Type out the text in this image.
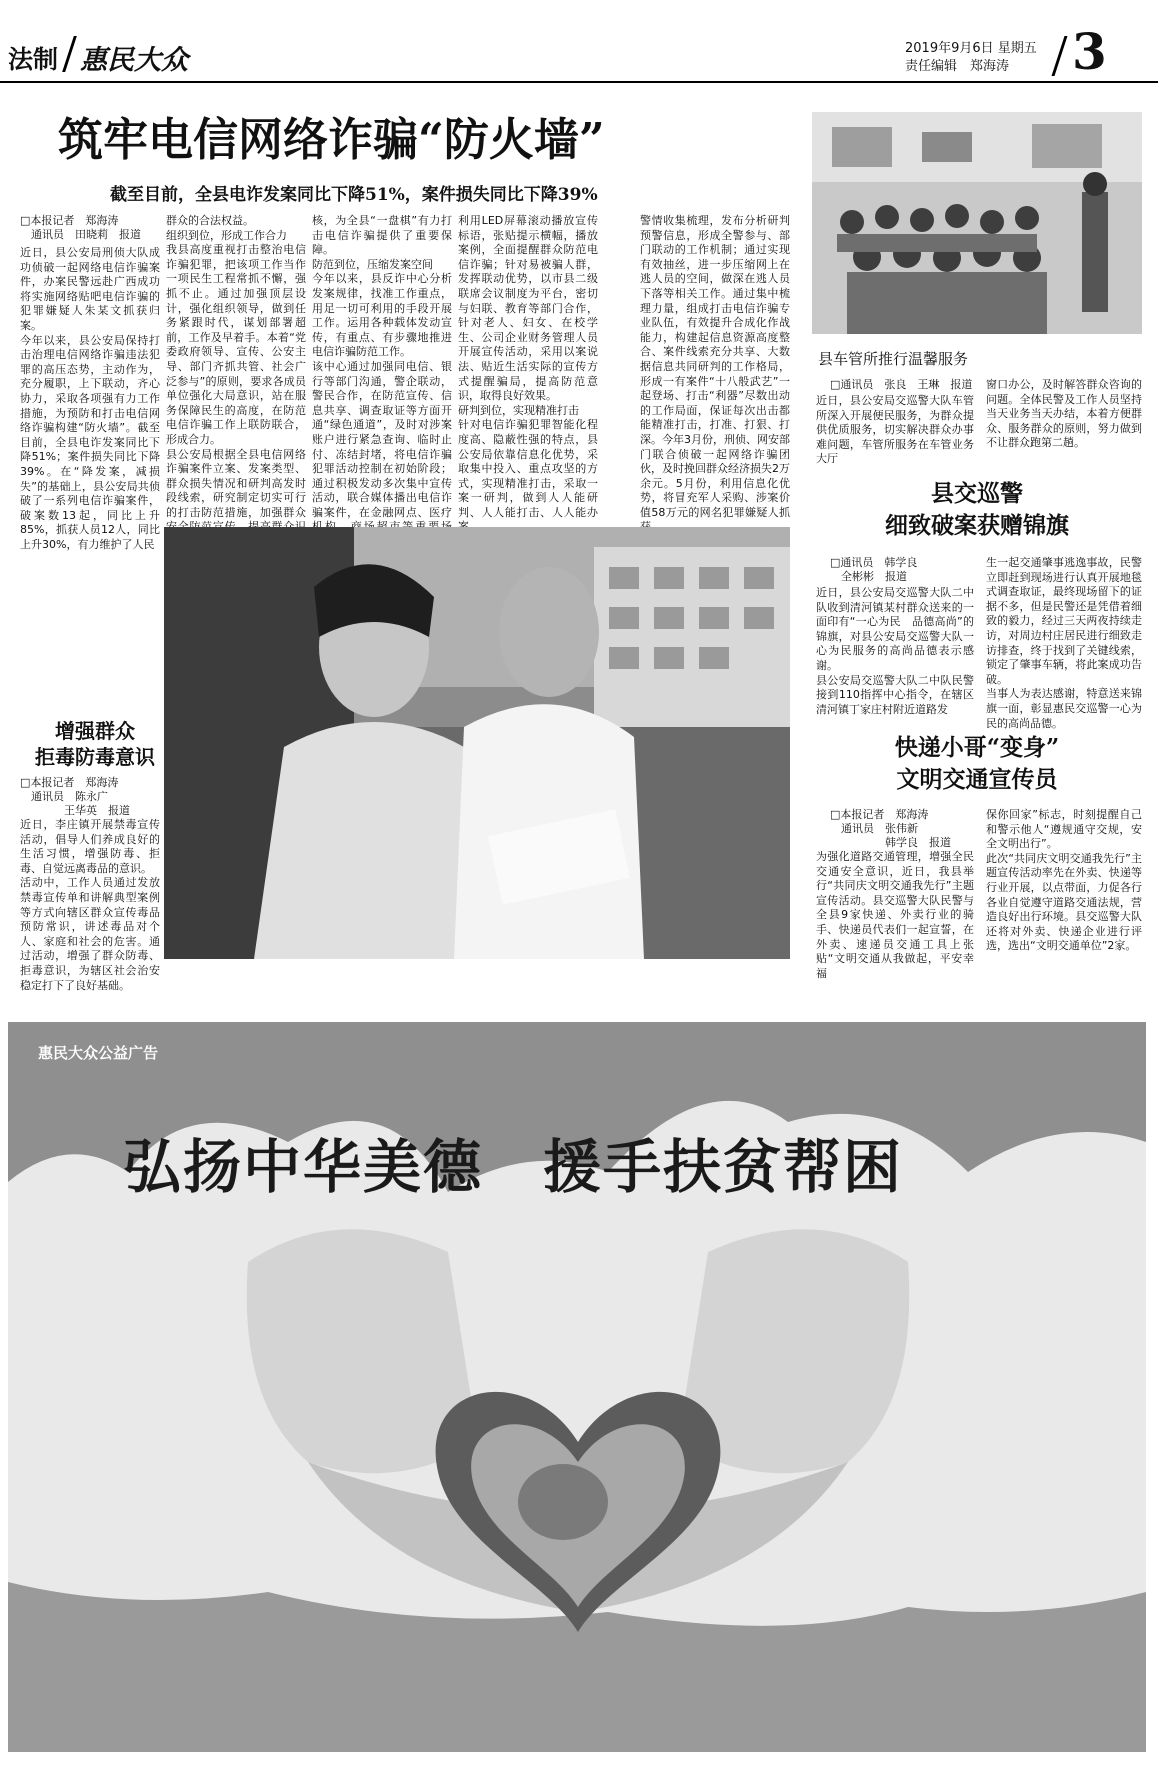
法制 惠民大众	2019年9月6日 星期五
责任编辑　郑海涛	3
筑牢电信网络诈骗“防火墙”
截至目前，全县电诈发案同比下降51%，案件损失同比下降39%
□本报记者　郑海涛
　通讯员　田晓莉　报道
近日，县公安局刑侦大队成功侦破一起网络电信诈骗案件，办案民警远赴广西成功将实施网络贴吧电信诈骗的犯罪嫌疑人朱某文抓获归案。
今年以来，县公安局保持打击治理电信网络诈骗违法犯罪的高压态势，主动作为，充分履职，上下联动，齐心协力，采取各项强有力工作措施，为预防和打击电信网络诈骗构建“防火墙”。截至目前，全县电诈发案同比下降51%；案件损失同比下降39%。在“降发案，减损失”的基础上，县公安局共侦破了一系列电信诈骗案件，破案数13起，同比上升85%，抓获人员12人，同比上升30%，有力维护了人民
群众的合法权益。
组织到位，形成工作合力
我县高度重视打击整治电信诈骗犯罪，把该项工作当作一项民生工程常抓不懈，强抓不止。通过加强顶层设计，强化组织领导，做到任务紧跟时代，谋划部署超前，工作及早着手。本着“党委政府领导、宣传、公安主导、部门齐抓共管、社会广泛参与”的原则，要求各成员单位强化大局意识，站在服务保障民生的高度，在防范电信诈骗工作上联防联合，形成合力。
县公安局根据全县电信网络诈骗案件立案、发案类型、群众损失情况和研判高发时段线索，研究制定切实可行的打击防范措施，加强群众
核，为全县“一盘棋”有力打击电信诈骗提供了重要保障。
防范到位，压缩发案空间
今年以来，县反诈中心分析发案规律，找准工作重点，用足一切可利用的手段开展工作。运用各种载体发动宣传，有重点、有步骤地推进电信诈骗防范工作。
该中心通过加强同电信、银行等部门沟通，警企联动，警民合作，在防范宣传、信息共享、调查取证等方面开通“绿色通道”，及时对涉案账户进行紧急查询、临时止付、冻结封堵，将电信诈骗犯罪活动控制在初始阶段；通过积极发动多次集中宣传活动，联合媒体播出电信诈骗案件，在金融网点、医疗
利用LED屏幕滚动播放宣传标语，张贴提示横幅，播放案例，全面提醒群众防范电信诈骗；针对易被骗人群，发挥联动优势，以市县二级联席会议制度为平台，密切与妇联、教育等部门合作，针对老人、妇女、在校学生、公司企业财务管理人员开展宣传活动，采用以案说法、贴近生活实际的宣传方式提醒骗局，提高防范意识，取得良好效果。
研判到位，实现精准打击
针对电信诈骗犯罪智能化程度高、隐蔽性强的特点，县公安局依靠信息化优势，采取集中投入、重点攻坚的方式，实现精准打击，采取一案一研判，做到人人能研判、人人能打击、人人能办

警情收集梳理，发布分析研判预警信息，形成全警参与、部门联动的工作机制；通过实现有效抽丝，进一步压缩网上在逃人员的空间，做深在逃人员下落等相关工作。通过集中梳理力量，组成打击电信诈骗专业队伍，有效提升合成化作战能力，构建起信息资源高度整合、案件线索充分共享、大数据信息共同研判的工作格局，形成一有案件“十八般武艺”一起登场、打击“利器”尽数出动的工作局面，保证每次出击都能精准打击，打准、打狠、打深。今年3月份，刑侦、网安部门联合侦破一起网络诈骗团伙，及时挽回群众经济损失2万余元。5月份，利用信息化优势，将冒充军人采购、涉案价值58万元的网名犯罪嫌疑人抓
县车管所推行温馨服务
□通讯员　张良　王琳　报道
近日，县公安局交巡警大队车管所深入开展便民服务，为群众提供优质服务，切实解决群众办事难问题，车管所服务在车管业务大厅
窗口办公，及时解答群众咨询的问题。全体民警及工作人员坚持当天业务当天办结，本着方便群众、服务群众的原则，努力做到不让群众跑第二趟。
增强群众
拒毒防毒意识
□本报记者　郑海涛
　通讯员　陈永广
　　　　王华英　报道
近日，李庄镇开展禁毒宣传活动，倡导人们养成良好的生活习惯，增强防毒、拒毒、自觉远离毒品的意识。
活动中，工作人员通过发放禁毒宣传单和讲解典型案例等方式向辖区群众宣传毒品预防常识，讲述毒品对个人、家庭和社会的危害。通过活动，增强了群众防毒、拒毒意识，为辖区社会治安稳定打下了良好基础。
县交巡警
细致破案获赠锦旗
□通讯员　韩学良
　全彬彬　报道
近日，县公安局交巡警大队二中队收到清河镇某村群众送来的一面印有“一心为民　品德高尚”的锦旗，对县公安局交巡警大队一心为民服务的高尚品德表示感谢。
县公安局交巡警大队二中队民警接到110指挥中心指令，在辖区清河镇丁家庄村附近道路发
生一起交通肇事逃逸事故，民警立即赶到现场进行认真开展地毯式调查取证，最终现场留下的证据不多，但是民警还是凭借着细致的毅力，经过三天两夜持续走访，对周边村庄居民进行细致走访排查，终于找到了关键线索，锁定了肇事车辆，将此案成功告破。
当事人为表达感谢，特意送来锦旗一面，彰显惠民交巡警一心为民的高尚品德。
快递小哥“变身”
文明交通宣传员
□本报记者　郑海涛
　通讯员　张伟新
　　　　　韩学良　报道
为强化道路交通管理，增强全民交通安全意识，近日，我县举行“共同庆文明交通我先行”主题宣传活动。县交巡警大队民警与全县9家快递、外卖行业的骑手、快递员代表们一起宣誓，在外卖、速递员交通工具上张贴“文明交通从我做起，平安幸福
保你回家”标志，时刻提醒自己和警示他人“遵规通守交规，安全文明出行”。
此次“共同庆文明交通我先行”主题宣传活动率先在外卖、快递等行业开展，以点带面，力促各行各业自觉遵守道路交通法规，营造良好出行环境。县交巡警大队还将对外卖、快递企业进行评选，选出“文明交通单位”2家。
惠民大众公益广告
弘扬中华美德　援手扶贫帮困
